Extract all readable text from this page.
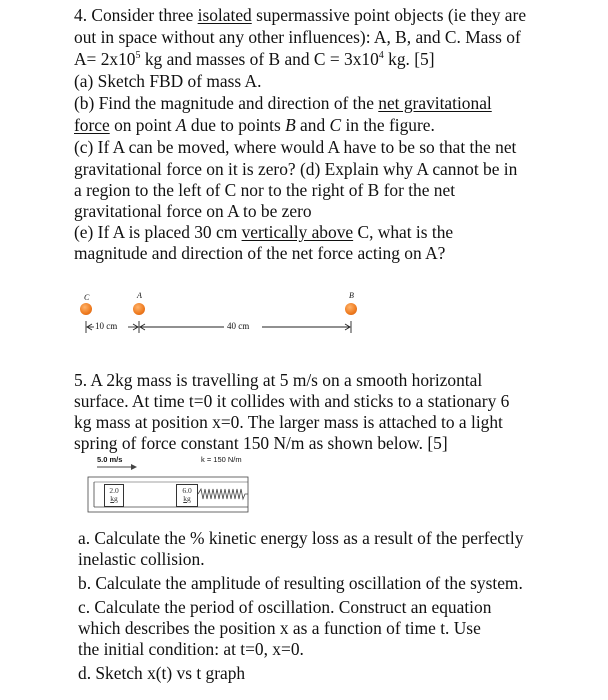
4. Consider three isolated supermassive point objects (ie they are
out in space without any other influences): A, B, and C. Mass of
$A= 2x10^5$ kg and masses of B and $C = 3x10^4$ kg. [5]
(a) Sketch FBD of mass A.
(b) Find the magnitude and direction of the net gravitational
force on point A due to points B and C in the figure.
(c) If A can be moved, where would A have to be so that the net
gravitational force on it is zero? (d) Explain why A cannot be in
a region to the left of C nor to the right of B for the net
gravitational force on A to be zero
(e) If A is placed 30 cm vertically above C, what is the
magnitude and direction of the net force acting on A?
C	A	B
10 cm	40 cm
5. A 2kg mass is travelling at 5 m/s on a smooth horizontal
surface. At time t=0 it collides with and sticks to a stationary 6
kg mass at position x=0. The larger mass is attached to a light
spring of force constant 150 N/m as shown below. [5]
5.0 m/s	k = 150 N/m
2.0
kg
6.0
kg
a. Calculate the % kinetic energy loss as a result of the perfectly
inelastic collision.
b. Calculate the amplitude of resulting oscillation of the system.
c. Calculate the period of oscillation. Construct an equation
which describes the position x as a function of time t. Use
the initial condition: at t=0, x=0.
d. Sketch x(t) vs t graph
